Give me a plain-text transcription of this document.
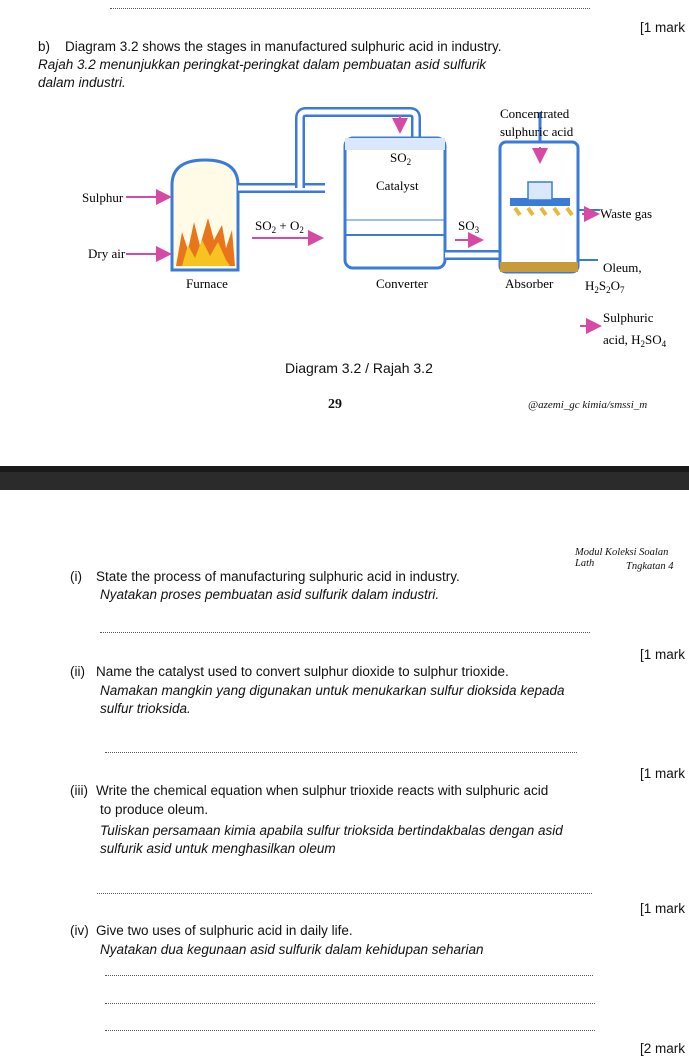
[1 mark
b) Diagram 3.2 shows the stages in manufactured sulphuric acid in industry.
Rajah 3.2 menunjukkan peringkat-peringkat dalam pembuatan asid sulfurik
dalam industri.
Concentrated
sulphuric acid
$SO_2$
Catalyst
Waste gas
Sulphur
Dry air
$SO_2 + O_2$	$SO_3$
Furnace	Converter	Absorber
Oleum,
$H_2S_2O_7$
Sulphuric
acid, $H_2SO_4$
Diagram 3.2 / Rajah 3.2
29	@azemi_gc kimia/smssi_m
Modul Koleksi Soalan Lath	Tngkatan 4
(i) State the process of manufacturing sulphuric acid in industry.
Nyatakan proses pembuatan asid sulfurik dalam industri.
[1 mark
(ii) Name the catalyst used to convert sulphur dioxide to sulphur trioxide.
Namakan mangkin yang digunakan untuk menukarkan sulfur dioksida kepada
sulfur trioksida.
[1 mark
(iii) Write the chemical equation when sulphur trioxide reacts with sulphuric acid
to produce oleum.
Tuliskan persamaan kimia apabila sulfur trioksida bertindakbalas dengan asid
sulfurik asid untuk menghasilkan oleum
[1 mark
(iv) Give two uses of sulphuric acid in daily life.
Nyatakan dua kegunaan asid sulfurik dalam kehidupan seharian
[2 mark
